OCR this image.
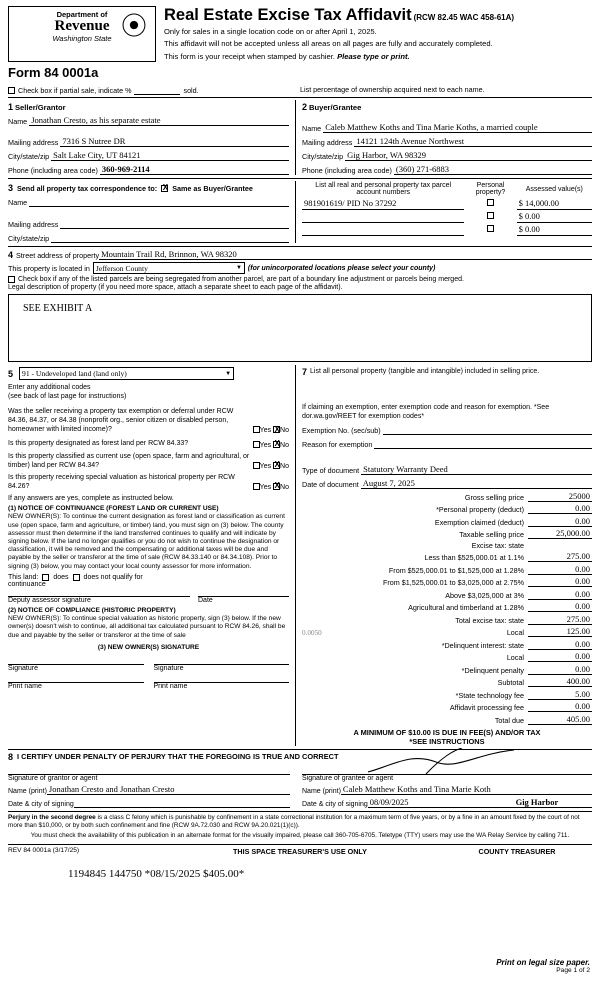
Department of
Revenue
Washington State ⦿
Form 84 0001a
Real Estate Excise Tax Affidavit (RCW 82.45 WAC 458-61A)
Only for sales in a single location code on or after April 1, 2025.
This affidavit will not be accepted unless all areas on all pages are fully and accurately completed.
This form is your receipt when stamped by cashier. Please type or print.
Check box if partial sale, indicate %
	sold.	List percentage of ownership acquired next to each name.
1 Seller/Grantor
Name Jonathan Cresto, as his separate estate
Mailing address 7316 S Nutree DR
City/state/zip Salt Lake City, UT 84121
Phone (including area code) 360-969-2114
2 Buyer/Grantee
Name Caleb Matthew Koths and Tina Marie Koths, a married couple
Mailing address 14121 124th Avenue Northwest
City/state/zip Gig Harbor, WA 98329
Phone (including area code) (360) 271-6883
3 Send all property tax correspondence to: X Same as Buyer/Grantee
Name

Mailing address

City/state/zip

List all real and personal property tax parcel account numbers	Personal property?	Assessed value(s)
981901619/ PID No 37292		$ 14,000.00
		$ 0.00
		$ 0.00
4 Street address of property Mountain Trail Rd, Brinnon, WA 98320
This property is located in Jefferson County	▼ (for unincorporated locations please select your county)
Check box if any of the listed parcels are being segregated from another parcel, are part of a boundary line adjustment or parcels being merged.
Legal description of property (if you need more space, attach a separate sheet to each page of the affidavit).
SEE EXHIBIT A
5 91 - Undeveloped land (land only)	▼
Enter any additional codes
(see back of last page for instructions)
Was the seller receiving a property tax exemption or deferral under RCW 84.36, 84.37, or 84.38 (nonprofit org., senior citizen or disabled person, homeowner with limited income)?	Yes X No
Is this property designated as forest land per RCW 84.33?	Yes X No
Is this property classified as current use (open space, farm and agricultural, or timber) land per RCW 84.34?	Yes X No
Is this property receiving special valuation as historical property per RCW 84.26?	Yes X No
If any answers are yes, complete as instructed below.
(1) NOTICE OF CONTINUANCE (FOREST LAND OR CURRENT USE)
NEW OWNER(S): To continue the current designation as forest land or classification as current use (open space, farm and agriculture, or timber) land, you must sign on (3) below. The county assessor must then determine if the land transferred continues to qualify and will indicate by signing below. If the land no longer qualifies or you do not wish to continue the designation or classification, it will be removed and the compensating or additional taxes will be due and payable by the seller or transferor at the time of sale (RCW 84.33.140 or 84.34.108). Prior to signing (3) below, you may contact your local county assessor for more information.
This land: does does not qualify for
continuance
Deputy assessor signature	Date
(2) NOTICE OF COMPLIANCE (HISTORIC PROPERTY)
NEW OWNER(S): To continue special valuation as historic property, sign (3) below. If the new owner(s) doesn't wish to continue, all additional tax calculated pursuant to RCW 84.26, shall be due and payable by the seller or transferor at the time of sale
(3) NEW OWNER(S) SIGNATURE
Signature	Signature
Print name	Print name
7 List all personal property (tangible and intangible) included in selling price.
If claiming an exemption, enter exemption code and reason for exemption. *See dor.wa.gov/REET for exemption codes*
Exemption No. (sec/sub)

Reason for exemption

Type of document Statutory Warranty Deed
Date of document August 7, 2025
Gross selling price	25000
*Personal property (deduct)	0.00
Exemption claimed (deduct)	0.00
Taxable selling price	25,000.00
Excise tax: state
Less than $525,000.01 at 1.1%	275.00
From $525,000.01 to $1,525,000 at 1.28%	0.00
From $1,525,000.01 to $3,025,000 at 2.75%	0.00
Above $3,025,000 at 3%	0.00
Agricultural and timberland at 1.28%	0.00
Total excise tax: state	275.00
0.0050	Local	125.00
*Delinquent interest: state	0.00
Local	0.00
*Delinquent penalty	0.00
Subtotal	400.00
*State technology fee	5.00
Affidavit processing fee	0.00
Total due	405.00
A MINIMUM OF $10.00 IS DUE IN FEE(S) AND/OR TAX
*SEE INSTRUCTIONS
8 I CERTIFY UNDER PENALTY OF PERJURY THAT THE FOREGOING IS TRUE AND CORRECT
Signature of grantor or agent
Name (print) Jonathan Cresto and Jonathan Cresto
Date & city of signing

Signature of grantee or agent
Name (print) Caleb Matthew Koths and Tina Marie Koth
Date & city of signing 08/09/2025	Gig Harbor
Perjury in the second degree is a class C felony which is punishable by confinement in a state correctional institution for a maximum term of five years, or by a fine in an amount fixed by the court of not more than $10,000, or by both such confinement and fine (RCW 9A.72.030 and RCW 9A.20.021(1)(c)).
You must check the availability of this publication in an alternate format for the visually impaired, please call 360-705-6705. Teletype (TTY) users may use the WA Relay Service by calling 711.
REV 84 0001a (3/17/25)	THIS SPACE TREASURER'S USE ONLY	COUNTY TREASURER
1194845 144750 *08/15/2025 $405.00*
Print on legal size paper.
Page 1 of 2
